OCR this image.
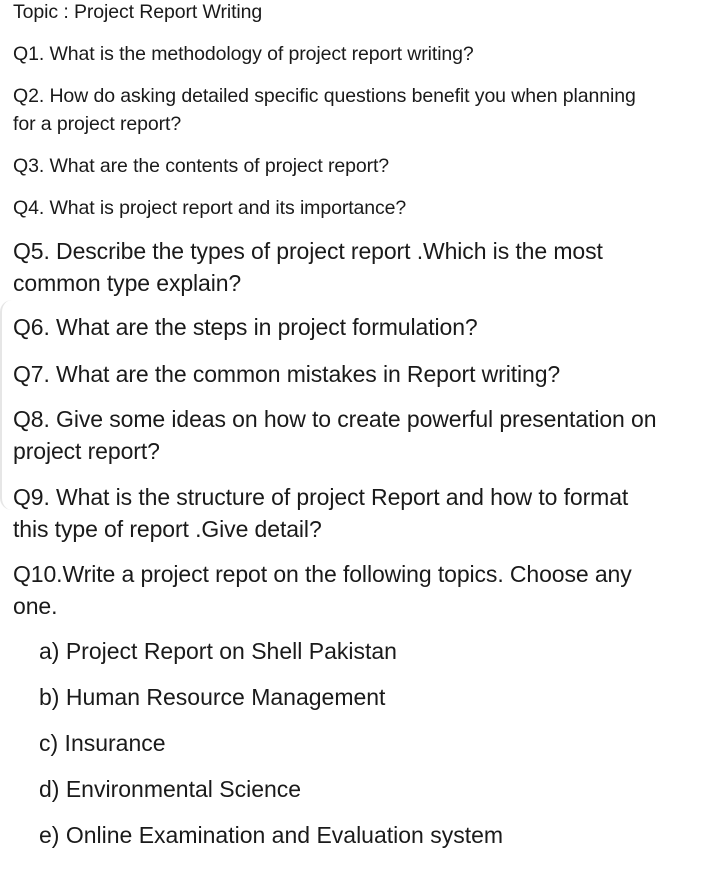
Topic : Project Report Writing

Q1. What is the methodology of project report writing?

Q2. How do asking detailed specific questions benefit you when planning

for a project report?

Q3. What are the contents of project report?

Q4. What is project report and its importance?

Q5. Describe the types of project report .Which is the most

common type explain?

Q6. What are the steps in project formulation?

Q7. What are the common mistakes in Report writing?

Q8. Give some ideas on how to create powerful presentation on

project report?

Q9. What is the structure of project Report and how to format

this type of report .Give detail?

Q10.Write a project repot on the following topics. Choose any

one.

a) Project Report on Shell Pakistan

b) Human Resource Management

c) Insurance

d) Environmental Science

e) Online Examination and Evaluation system
